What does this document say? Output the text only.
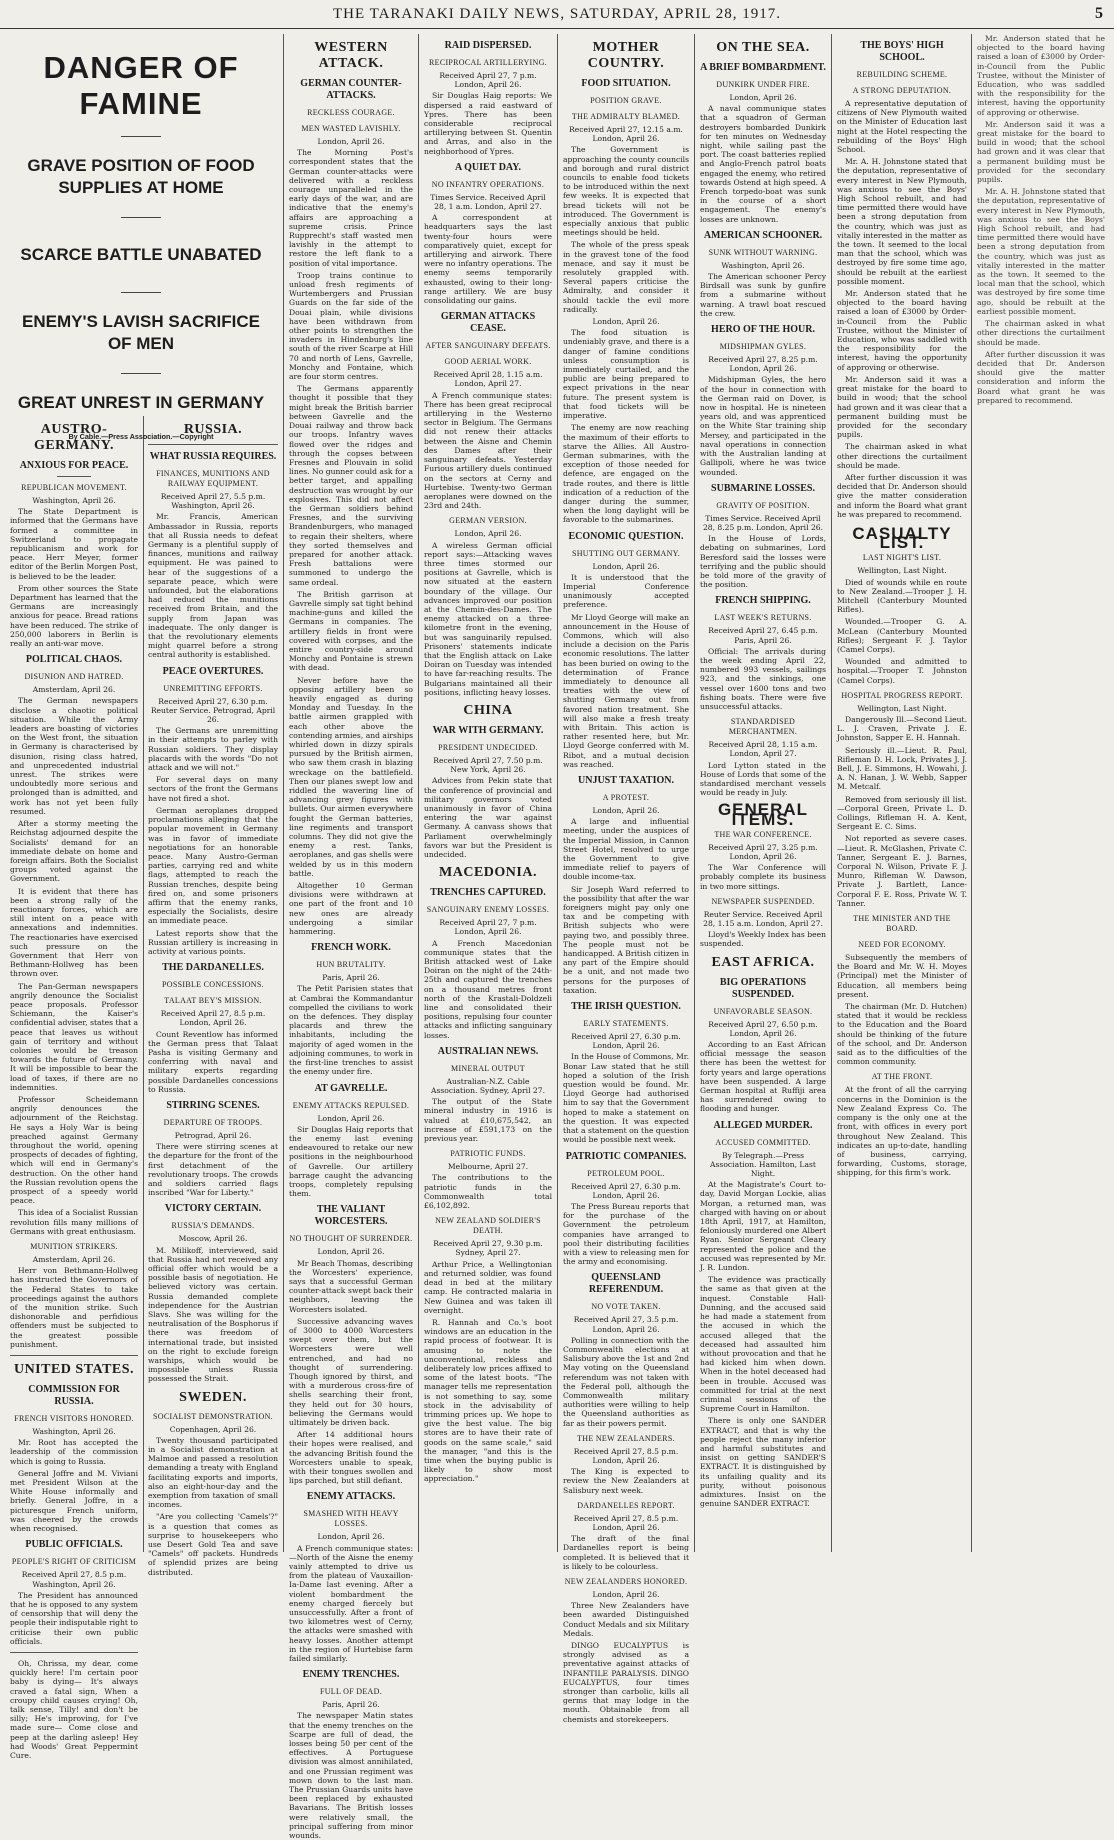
THE TARANAKI DAILY NEWS, SATURDAY, APRIL 28, 1917.	5
DANGER OF FAMINE
GRAVE POSITION OF FOOD SUPPLIES AT HOME
SCARCE BATTLE UNABATED
ENEMY'S LAVISH SACRIFICE OF MEN
GREAT UNREST IN GERMANY
By Cable.—Press Association.—Copyright
AUSTRO-GERMANY.
ANXIOUS FOR PEACE.
REPUBLICAN MOVEMENT.
Washington, April 26.

The State Department is informed that the Germans have formed a committee in Switzerland to propagate republicanism and work for peace. Herr Meyer, former editor of the Berlin Morgen Post, is believed to be the leader.

From other sources the State Department has learned that the Germans are increasingly anxious for peace. Bread rations have been reduced. The strike of 250,000 laborers in Berlin is really an anti-war move.

POLITICAL CHAOS.
DISUNION AND HATRED.
Amsterdam, April 26.

The German newspapers disclose a chaotic political situation. While the Army leaders are boasting of victories on the West front, the situation in Germany is characterised by disunion, rising class hatred, and unprecedented industrial unrest. The strikes were undoubtedly more serious and prolonged than is admitted, and work has not yet been fully resumed.

After a stormy meeting the Reichstag adjourned despite the Socialists' demand for an immediate debate on home and foreign affairs. Both the Socialist groups voted against the Government.

It is evident that there has been a strong rally of the reactionary forces, which are still intent on a peace with annexations and indemnities. The reactionaries have exercised such pressure on the Government that Herr von Bethmann-Hollweg has been thrown over.

The Pan-German newspapers angrily denounce the Socialist peace proposals. Professor Schiemann, the Kaiser's confidential adviser, states that a peace that leaves us without gain of territory and without colonies would be treason towards the future of Germany. It will be impossible to bear the load of taxes, if there are no indemnities.

Professor Scheidemann angrily denounces the adjournment of the Reichstag. He says a Holy War is being preached against Germany throughout the world, opening prospects of decades of fighting, which will end in Germany's destruction. On the other hand the Russian revolution opens the prospect of a speedy world peace.

This idea of a Socialist Russian revolution fills many millions of Germans with great enthusiasm.

MUNITION STRIKERS.
Amsterdam, April 26.

Herr von Bethmann-Hollweg has instructed the Governors of the Federal States to take proceedings against the authors of the munition strike. Such dishonorable and perfidious offenders must be subjected to the greatest possible punishment.

UNITED STATES.
COMMISSION FOR RUSSIA.
FRENCH VISITORS HONORED.
Washington, April 26.

Mr. Root has accepted the leadership of the commission which is going to Russia.

General Joffre and M. Viviani met President Wilson at the White House informally and briefly. General Joffre, in a picturesque French uniform, was cheered by the crowds when recognised.

PUBLIC OFFICIALS.
PEOPLE'S RIGHT OF CRITICISM
Received April 27, 8.5 p.m. Washington, April 26.

The President has announced that he is opposed to any system of censorship that will deny the people their indisputable right to criticise their own public officials.

Oh, Chrissa, my dear, come quickly here! I'm certain poor baby is dying— It's always craved a fatal sign, When a croupy child causes crying! Oh, talk sense, Tilly! and don't be silly; He's improving, for I've made sure— Come close and peep at the darling asleep! Hey had Woods' Great Peppermint Cure.

RUSSIA.
WHAT RUSSIA REQUIRES.
FINANCES, MUNITIONS AND RAILWAY EQUIPMENT.
Received April 27, 5.5 p.m. Washington, April 26.

Mr. Francis, American Ambassador in Russia, reports that all Russia needs to defeat Germany is a plentiful supply of finances, munitions and railway equipment. He was pained to hear of the suggestions of a separate peace, which were unfounded, but the elaborations had reduced the munitions received from Britain, and the supply from Japan was inadequate. The only danger is that the revolutionary elements might quarrel before a strong central authority is established.

PEACE OVERTURES.
UNREMITTING EFFORTS.
Received April 27, 6.30 p.m. Reuter Service. Petrograd, April 26.

The Germans are unremitting in their attempts to parley with Russian soldiers. They display placards with the words "Do not attack and we will not."

For several days on many sectors of the front the Germans have not fired a shot.

German aeroplanes dropped proclamations alleging that the popular movement in Germany was in favor of immediate negotiations for an honorable peace. Many Austro-German parties, carrying red and white flags, attempted to reach the Russian trenches, despite being fired on, and some prisoners affirm that the enemy ranks, especially the Socialists, desire an immediate peace.

Latest reports show that the Russian artillery is increasing in activity at various points.

THE DARDANELLES.
POSSIBLE CONCESSIONS.
TALAAT BEY'S MISSION.
Received April 27, 8.5 p.m. London, April 26.

Count Reventlow has informed the German press that Talaat Pasha is visiting Germany and conferring with naval and military experts regarding possible Dardanelles concessions to Russia.

STIRRING SCENES.
DEPARTURE OF TROOPS.
Petrograd, April 26.

There were stirring scenes at the departure for the front of the first detachment of the revolutionary troops. The crowds and soldiers carried flags inscribed "War for Liberty."

VICTORY CERTAIN.
RUSSIA'S DEMANDS.
Moscow, April 26.

M. Milikoff, interviewed, said that Russia had not received any official offer which would be a possible basis of negotiation. He believed victory was certain. Russia demanded complete independence for the Austrian Slavs. She was willing for the neutralisation of the Bosphorus if there was freedom of international trade, but insisted on the right to exclude foreign warships, which would be impossible unless Russia possessed the Strait.

SWEDEN.
SOCIALIST DEMONSTRATION.
Copenhagen, April 26.

Twenty thousand participated in a Socialist demonstration at Malmoe and passed a resolution demanding a treaty with England facilitating exports and imports, also an eight-hour-day and the exemption from taxation of small incomes.

"Are you collecting 'Camels'?" is a question that comes as surprise to housekeepers who use Desert Gold Tea and save "Camels" off packets. Hundreds of splendid prizes are being distributed.

WESTERN ATTACK.
GERMAN COUNTER-ATTACKS.
RECKLESS COURAGE.
MEN WASTED LAVISHLY.
London, April 26.

The Morning Post's correspondent states that the German counter-attacks were delivered with a reckless courage unparalleled in the early days of the war, and are indicative that the enemy's affairs are approaching a supreme crisis. Prince Rupprecht's staff wasted men lavishly in the attempt to restore the left flank to a position of vital importance.

Troop trains continue to unload fresh regiments of Wurtembergers and Prussian Guards on the far side of the Douai plain, while divisions have been withdrawn from other points to strengthen the invaders in Hindenburg's line south of the river Scarpe at Hill 70 and north of Lens, Gavrelle, Monchy and Fontaine, which are four storm centres.

The Germans apparently thought it possible that they might break the British barrier between Gavrelle and the Douai railway and throw back our troops. Infantry waves flowed over the ridges and through the copses between Fresnes and Plouvain in solid lines. No gunner could ask for a better target, and appalling destruction was wrought by our explosives. This did not affect the German soldiers behind Fresnes, and the surviving Brandenburgers, who managed to regain their shelters, where they sorted themselves and prepared for another attack. Fresh battalions were summoned to undergo the same ordeal.

The British garrison at Gavrelle simply sat tight behind machine-guns and killed the Germans in companies. The artillery fields in front were covered with corpses, and the entire country-side around Monchy and Pontaine is strewn with dead.

Never before have the opposing artillery been so heavily engaged as during Monday and Tuesday. In the battle airmen grappled with each other above the contending armies, and airships whirled down in dizzy spirals pursued by the British airmen, who saw them crash in blazing wreckage on the battlefield. Then our planes swept low and riddled the wavering line of advancing grey figures with bullets. Our airmen everywhere fought the German batteries, line regiments and transport columns. They did not give the enemy a rest. Tanks, aeroplanes, and gas shells were welded by us in this modern battle.

Altogether 10 German divisions were withdrawn at one part of the front and 10 new ones are already undergoing a similar hammering.

FRENCH WORK.
HUN BRUTALITY.
Paris, April 26.

The Petit Parisien states that at Cambrai the Kommandantur compelled the civilians to work on the defences. They display placards and threw the inhabitants, including the majority of aged women in the adjoining communes, to work in the first-line trenches to assist the enemy under fire.

AT GAVRELLE.
ENEMY ATTACKS REPULSED.
London, April 26.

Sir Douglas Haig reports that the enemy last evening endeavoured to retake our new positions in the neighbourhood of Gavrelle. Our artillery barrage caught the advancing troops, completely repulsing them.

THE VALIANT WORCESTERS.
NO THOUGHT OF SURRENDER.
London, April 26.

Mr Beach Thomas, describing the Worcesters' experience, says that a successful German counter-attack swept back their neighbors, leaving the Worcesters isolated.

Successive advancing waves of 3000 to 4000 Worcesters swept over them, but the Worcesters were well entrenched, and had no thought of surrendering. Though ignored by thirst, and with a murderous cross-fire of shells searching their front, they held out for 30 hours, believing the Germans would ultimately be driven back.

After 14 additional hours their hopes were realised, and the advancing British found the Worcesters unable to speak, with their tongues swollen and lips parched, but still defiant.

ENEMY ATTACKS.
SMASHED WITH HEAVY LOSSES.
London, April 26.

A French communique states:—North of the Aisne the enemy vainly attempted to drive us from the plateau of Vauxaillon-Ia-Dame last evening. After a violent bombardment the enemy charged fiercely but unsuccessfully. After a front of two kilometres west of Cerny, the attacks were smashed with heavy losses. Another attempt in the region of Hurtebise farm failed similarly.

ENEMY TRENCHES.
FULL OF DEAD.
Paris, April 26.

The newspaper Matin states that the enemy trenches on the Scarpe are full of dead, the losses being 50 per cent of the effectives. A Portuguese division was almost annihilated, and one Prussian regiment was mown down to the last man. The Prussian Guards units have been replaced by exhausted Bavarians. The British losses were relatively small, the principal suffering from minor wounds.

RAID DISPERSED.
RECIPROCAL ARTILLERYING.
Received April 27, 7 p.m. London, April 26.

Sir Douglas Haig reports: We dispersed a raid eastward of Ypres. There has been considerable reciprocal artillerying between St. Quentin and Arras, and also in the neighborhood of Ypres.

A QUIET DAY.
NO INFANTRY OPERATIONS.
Times Service. Received April 28, 1 a.m. London, April 27.

A correspondent at headquarters says the last twenty-four hours were comparatively quiet, except for artillerying and airwork. There were no infantry operations. The enemy seems temporarily exhausted, owing to their long-range artillery. We are busy consolidating our gains.

GERMAN ATTACKS CEASE.
AFTER SANGUINARY DEFEATS.
GOOD AERIAL WORK.
Received April 28, 1.15 a.m. London, April 27.

A French communique states: There has been great reciprocal artillerying in the Westerno sector in Belgium. The Germans did not renew their attacks between the Aisne and Chemin des Dames after their sanguinary defeats. Yesterday Furious artillery duels continued on the sectors at Cerny and Hurtebise. Twenty-two German aeroplanes were downed on the 23rd and 24th.

GERMAN VERSION.
London, April 26.

A wireless German official report says:—Attacking waves three times stormed our positions at Gavrelle, which is now situated at the eastern boundary of the village. Our advances improved our position at the Chemin-des-Dames. The enemy attacked on a three-kilometre front in the evening, but was sanguinarily repulsed. Prisoners' statements indicate that the English attack on Lake Doiran on Tuesday was intended to have far-reaching results. The Bulgarians maintained all their positions, inflicting heavy losses.

CHINA
WAR WITH GERMANY.
PRESIDENT UNDECIDED.
Received April 27, 7.50 p.m. New York, April 26.

Advices from Pekin state that the conference of provincial and military governors voted unanimously in favor of China entering the war against Germany. A canvass shows that Parliament overwhelmingly favors war but the President is undecided.

MACEDONIA.
TRENCHES CAPTURED.
SANGUINARY ENEMY LOSSES.
Received April 27, 7 p.m. London, April 26.

A French Macedonian communique states that the British attacked west of Lake Doiran on the night of the 24th-25th and captured the trenches on a thousand metres front north of the Krastali-Doldzeli line and consolidated their positions, repulsing four counter attacks and inflicting sanguinary losses.

AUSTRALIAN NEWS.
MINERAL OUTPUT
Australian-N.Z. Cable Association. Sydney, April 27.

The output of the State mineral industry in 1916 is valued at £10,675,542, an increase of £591,173 on the previous year.

PATRIOTIC FUNDS.
Melbourne, April 27.

The contributions to the patriotic funds in the Commonwealth total £6,102,892.

NEW ZEALAND SOLDIER'S DEATH.
Received April 27, 9.30 p.m. Sydney, April 27.

Arthur Price, a Wellingtonian and returned soldier, was found dead in bed at the military camp. He contracted malaria in New Guinea and was taken ill overnight.

R. Hannah and Co.'s boot windows are an education in the rapid process of footwear. It is amusing to note the unconventional, reckless and deliberately low prices affixed to some of the latest boots. "The manager tells me representation is not something to say, some stock in the advisability of trimming prices up. We hope to give the best value. The big stores are to have their rate of goods on the same scale," said the manager, "and this is the time when the buying public is likely to show most appreciation."

MOTHER COUNTRY.
FOOD SITUATION.
POSITION GRAVE.
THE ADMIRALTY BLAMED.
Received April 27, 12.15 a.m. London, April 26.

The Government is approaching the county councils and borough and rural district councils to enable food tickets to be introduced within the next few weeks. It is expected that bread tickets will not be introduced. The Government is especially anxious that public meetings should be held.

The whole of the press speak in the gravest tone of the food menace, and say it must be resolutely grappled with. Several papers criticise the Admiralty, and consider it should tackle the evil more radically.

London, April 26.

The food situation is undeniably grave, and there is a danger of famine conditions unless consumption is immediately curtailed, and the public are being prepared to expect privations in the near future. The present system is that food tickets will be imperative.

The enemy are now reaching the maximum of their efforts to starve the Allies. All Austro-German submarines, with the exception of those needed for defence, are engaged on the trade routes, and there is little indication of a reduction of the danger during the summer, when the long daylight will be favorable to the submarines.

ECONOMIC QUESTION.
SHUTTING OUT GERMANY.
London, April 26.

It is understood that the Imperial Conference unanimously accepted preference.

Mr Lloyd George will make an announcement in the House of Commons, which will also include a decision on the Paris economic resolutions. The latter has been buried on owing to the determination of France immediately to denounce all treaties with the view of shutting Germany out from favored nation treatment. She will also make a fresh treaty with Britain. This action is rather resented here, but Mr. Lloyd George conferred with M. Ribot, and a mutual decision was reached.

UNJUST TAXATION.
A PROTEST.
London, April 26.

A large and influential meeting, under the auspices of the Imperial Mission, in Cannon Street Hotel, resolved to urge the Government to give immediate relief to payers of double income-tax.

Sir Joseph Ward referred to the possibility that after the war foreigners might pay only one tax and be competing with British subjects who were paying two, and possibly three. The people must not be handicapped. A British citizen in any part of the Empire should be a unit, and not made two persons for the purposes of taxation.

THE IRISH QUESTION.
EARLY STATEMENTS.
Received April 27, 6.30 p.m. London, April 26.

In the House of Commons, Mr. Bonar Law stated that he still hoped a solution of the Irish question would be found. Mr. Lloyd George had authorised him to say that the Government hoped to make a statement on the question. It was expected that a statement on the question would be possible next week.

PATRIOTIC COMPANIES.
PETROLEUM POOL.
Received April 27, 6.30 p.m. London, April 26.

The Press Bureau reports that for the purchase of the Government the petroleum companies have arranged to pool their distributing facilities with a view to releasing men for the army and economising.

QUEENSLAND REFERENDUM.
NO VOTE TAKEN.
Received April 27, 3.5 p.m. London, April 26.

Polling in connection with the Commonwealth elections at Salisbury above the 1st and 2nd May voting on the Queensland referendum was not taken with the Federal poll, although the Commonwealth military authorities were willing to help the Queensland authorities as far as their powers permit.

THE NEW ZEALANDERS.
Received April 27, 8.5 p.m. London, April 26.

The King is expected to review the New Zealanders at Salisbury next week.

DARDANELLES REPORT.
Received April 27, 8.5 p.m. London, April 26.

The draft of the final Dardanelles report is being completed. It is believed that it is likely to be colourless.

NEW ZEALANDERS HONORED.
London, April 26.

Three New Zealanders have been awarded Distinguished Conduct Medals and six Military Medals.

DINGO EUCALYPTUS is strongly advised as a preventative against attacks of INFANTILE PARALYSIS. DINGO EUCALYPTUS, four times stronger than carbolic, kills all germs that may lodge in the mouth. Obtainable from all chemists and storekeepers.

ON THE SEA.
A BRIEF BOMBARDMENT.
DUNKIRK UNDER FIRE.
London, April 26.

A naval communique states that a squadron of German destroyers bombarded Dunkirk for ten minutes on Wednesday night, while sailing past the port. The coast batteries replied and Anglo-French patrol boats engaged the enemy, who retired towards Ostend at high speed. A French torpedo-boat was sunk in the course of a short engagement. The enemy's losses are unknown.

AMERICAN SCHOONER.
SUNK WITHOUT WARNING.
Washington, April 26.

The American schooner Percy Birdsall was sunk by gunfire from a submarine without warning. A trawl boat rescued the crew.

HERO OF THE HOUR.
MIDSHIPMAN GYLES.
Received April 27, 8.25 p.m. London, April 26.

Midshipman Gyles, the hero of the hour in connection with the German raid on Dover, is now in hospital. He is nineteen years old, and was apprenticed on the White Star training ship Mersey, and participated in the naval operations in connection with the Australian landing at Gallipoli, where he was twice wounded.

SUBMARINE LOSSES.
GRAVITY OF POSITION.
Times Service. Received April 28, 8.25 p.m. London, April 26.

In the House of Lords, debating on submarines, Lord Beresford said the losses were terrifying and the public should be told more of the gravity of the position.

FRENCH SHIPPING.
LAST WEEK'S RETURNS.
Received April 27, 6.45 p.m. Paris, April 26.

Official: The arrivals during the week ending April 22, numbered 993 vessels, sailings 923, and the sinkings, one vessel over 1600 tons and two fishing boats. There were five unsuccessful attacks.

STANDARDISED MERCHANTMEN.
Received April 28, 1.15 a.m. London, April 27.

Lord Lytton stated in the House of Lords that some of the standardised merchant vessels would be ready in July.

GENERAL ITEMS.
THE WAR CONFERENCE.
Received April 27, 3.25 p.m. London, April 26.

The War Conference will probably complete its business in two more sittings.

NEWSPAPER SUSPENDED.
Reuter Service. Received April 28, 1.15 a.m. London, April 27.

Lloyd's Weekly Index has been suspended.

EAST AFRICA.
BIG OPERATIONS SUSPENDED.
UNFAVORABLE SEASON.
Received April 27, 6.50 p.m. London, April 26.

According to an East African official message the season there has been the wettest for forty years and large operations have been suspended. A large German hospital at Ruffiji area has surrendered owing to flooding and hunger.

ALLEGED MURDER.
ACCUSED COMMITTED.
By Telegraph.—Press Association. Hamilton, Last Night.

At the Magistrate's Court to-day, David Morgan Lockie, alias Morgan, a returned man, was charged with having on or about 18th April, 1917, at Hamilton, feloniously murdered one Albert Ryan. Senior Sergeant Cleary represented the police and the accused was represented by Mr. J. R. Lundon.

The evidence was practically the same as that given at the inquest. Constable Hall-Dunning, and the accused said he had made a statement from the accused in which the accused alleged that the deceased had assaulted him without provocation and that he had kicked him when down. When in the hotel deceased had been in trouble. Accused was committed for trial at the next criminal sessions of the Supreme Court in Hamilton.

There is only one SANDER EXTRACT, and that is why the people reject the many inferior and harmful substitutes and insist on getting SANDER'S EXTRACT. It is distinguished by its unfailing quality and its purity, without poisonous admixtures. Insist on the genuine SANDER EXTRACT.

THE BOYS' HIGH SCHOOL.
REBUILDING SCHEME.
A STRONG DEPUTATION.

A representative deputation of citizens of New Plymouth waited on the Minister of Education last night at the Hotel respecting the rebuilding of the Boys' High School.

Mr. A. H. Johnstone stated that the deputation, representative of every interest in New Plymouth, was anxious to see the Boys' High School rebuilt, and had time permitted there would have been a strong deputation from the country, which was just as vitally interested in the matter as the town. It seemed to the local man that the school, which was destroyed by fire some time ago, should be rebuilt at the earliest possible moment.

Mr. Anderson stated that he objected to the board having raised a loan of £3000 by Order-in-Council from the Public Trustee, without the Minister of Education, who was saddled with the responsibility for the interest, having the opportunity of approving or otherwise.

Mr. Anderson said it was a great mistake for the board to build in wood; that the school had grown and it was clear that a permanent building must be provided for the secondary pupils.

The chairman asked in what other directions the curtailment should be made.

After further discussion it was decided that Dr. Anderson should give the matter consideration and inform the Board what grant he was prepared to recommend.

CASUALTY LIST.
LAST NIGHT'S LIST.
Wellington, Last Night.

Died of wounds while en route to New Zealand.—Trooper J. H. Mitchell (Canterbury Mounted Rifles).

Wounded.—Trooper G. A. McLean (Canterbury Mounted Rifles); Sergeant F. J. Taylor (Camel Corps).

Wounded and admitted to hospital.—Trooper T. Johnston (Camel Corps).

HOSPITAL PROGRESS REPORT.
Wellington, Last Night.

Dangerously Ill.—Second Lieut. L. J. Craven, Private J. E. Johnston, Sapper E. H. Hannah.

Seriously ill.—Lieut. R. Paul, Rifleman D. H. Lock, Privates J. J. Bell, J. E. Simmons, H. Wowahi, J. A. N. Hanan, J. W. Webb, Sapper M. Metcalf.

Removed from seriously ill list.—Corporal Green, Private L. D. Collings, Rifleman H. A. Kent, Sergeant E. C. Sims.

Not reported as severe cases.—Lieut. R. McGlashen, Private C. Tanner, Sergeant E. J. Barnes, Corporal N. Wilson, Private F. J. Munro, Rifleman W. Dawson, Private J. Bartlett, Lance-Corporal F. E. Ross, Private W. T. Tanner.

THE MINISTER AND THE BOARD.
NEED FOR ECONOMY.

Subsequently the members of the Board and Mr. W. H. Moyes (Principal) met the Minister of Education, all members being present.

The chairman (Mr. D. Hutchen) stated that it would be reckless to the Education and the Board should be thinking of the future of the school, and Dr. Anderson said as to the difficulties of the common community.

AT THE FRONT.

At the front of all the carrying concerns in the Dominion is the New Zealand Express Co. The company is the only one at the front, with offices in every port throughout New Zealand. This indicates an up-to-date, handling of business, carrying, forwarding, Customs, storage, shipping, for this firm's work.

Mr. Anderson stated that he objected to the board having raised a loan of £3000 by Order-in-Council from the Public Trustee, without the Minister of Education, who was saddled with the responsibility for the interest, having the opportunity of approving or otherwise.

Mr. Anderson said it was a great mistake for the board to build in wood; that the school had grown and it was clear that a permanent building must be provided for the secondary pupils.

Mr. A. H. Johnstone stated that the deputation, representative of every interest in New Plymouth, was anxious to see the Boys' High School rebuilt, and had time permitted there would have been a strong deputation from the country, which was just as vitally interested in the matter as the town. It seemed to the local man that the school, which was destroyed by fire some time ago, should be rebuilt at the earliest possible moment.

The chairman asked in what other directions the curtailment should be made.

After further discussion it was decided that Dr. Anderson should give the matter consideration and inform the Board what grant he was prepared to recommend.
